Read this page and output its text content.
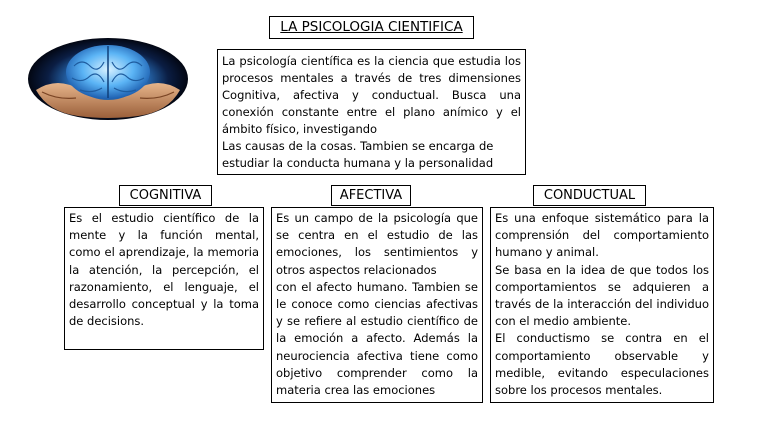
LA PSICOLOGIA CIENTIFICA

La psicología científica es la ciencia que estudia los procesos mentales a través de tres dimensiones Cognitiva, afectiva y conductual. Busca una conexión constante entre el plano anímico y el ámbito físico, investigando

Las causas de la cosas. Tambien se encarga de estudiar la conducta humana y la personalidad

COGNITIVA	AFECTIVA	CONDUCTUAL

Es el estudio científico de la mente y la función mental, como el aprendizaje, la memoria la atención, la percepción, el razonamiento, el lenguaje, el desarrollo conceptual y la toma de decisions.

Es un campo de la psicología que se centra en el estudio de las emociones, los sentimientos y otros aspectos relacionados

con el afecto humano. Tambien se le conoce como ciencias afectivas y se refiere al estudio científico de la emoción a afecto. Además la neurociencia afectiva tiene como objetivo comprender como la materia crea las emociones

Es una enfoque sistemático para la comprensión del comportamiento humano y animal.

Se basa en la idea de que todos los comportamientos se adquieren a través de la interacción del individuo con el medio ambiente.

El conductismo se contra en el comportamiento observable y medible, evitando especulaciones sobre los procesos mentales.
